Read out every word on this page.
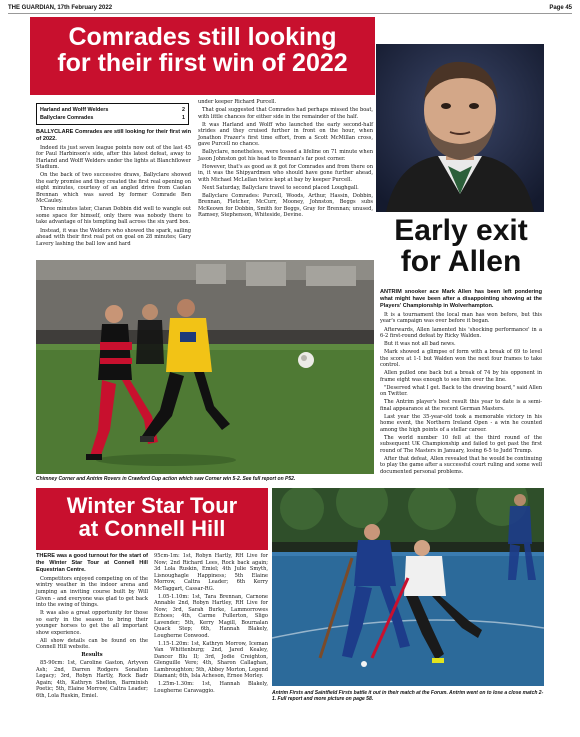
THE GUARDIAN, 17th February 2022	Page 45
Comrades still looking
for their first win of 2022
Harland and Wolff Welders	2
Ballyclare Comrades	1

BALLYCLARE Comrades are still looking for their first win of 2022.

Indeed its just seven league points now out of the last 45 for Paul Harbinson's side, after this latest defeat, away to Harland and Wolff Welders under the lights at Blanchflower Stadium.

On the back of two successive draws, Ballyclare showed the early promise and they created the first real opening on eight minutes, courtesy of an angled drive from Caolan Brennan which was saved by former Comrade Ben McCauley.

Three minutes later, Ciaran Dobbin did well to wangle out some space for himself, only there was nobody there to take advantage of his tempting ball across the six yard box.

Instead, it was the Welders who showed the spark, sailing ahead with their first real pot on goal on 28 minutes; Gary Lavery lashing the ball low and hard

under keeper Richard Purcell.

That goal suggested that Comrades had perhaps missed the boat, with little chances for either side in the remainder of the half.

It was Harland and Wolff who launched the early second-half strides and they cruised further in front on the hour, when Jonathon Frazer's first time effort, from a Scott McMillan cross, gave Purcell no chance.

Ballyclare, nonetheless, were tossed a lifeline on 71 minute when Jason Johnston got his head to Brennan's far post corner.

However, that's as good as it got for Comrades and from there on in, it was the Shipyardmen who should have gone further ahead, with Michael McLellan twice kept at bay by keeper Purcell.

Next Saturday, Ballyclare travel to second placed Loughgall.

Ballyclare Comrades: Purcell, Woods, Arthur, Hassin, Dobbin, Brennan, Fletcher, McCurr, Mooney, Johnston, Beggs subs McKeown for Dobbin, Smith for Beggs, Gray for Brennan; unused, Ramsey, Stephenson, Whiteside, Devine.	Early exit
for Allen

ANTRIM snooker ace Mark Allen has been left pondering what might have been after a disappointing showing at the Players' Championship in Wolverhampton.

It is a tournament the local man has won before, but this year's campaign was over before it began.

Afterwards, Allen lamented his 'shocking performance' in a 6-2 first-round defeat by Ricky Walden.

But it was not all bad news.

Mark showed a glimpse of form with a break of 69 to level the score at 1-1 but Walden won the next four frames to take control.

Allen pulled one back but a break of 74 by his opponent in frame eight was enough to see him over the line.

"Deserved what I get. Back to the drawing board," said Allen on Twitter.

The Antrim player's best result this year to date is a semi-final appearance at the recent German Masters.

Last year the 35-year-old took a memorable victory in his home event, the Northern Ireland Open - a win he counted among the high points of a stellar career.

The world number 10 fell at the third round of the subsequent UK Championship and failed to get past the first round of The Masters in January, losing 6-5 to Judd Trump.

After that defeat, Allen revealed that he would be continuing to play the game after a successful court ruling and some well documented personal problems.

Chimney Corner and Antrim Rovers in Crawford Cup action which saw Corner win 5-2. See full report on P52.
Winter Star Tour
at Connell Hill

THERE was a good turnout for the start of the Winter Star Tour at Connell Hill Equestrian Centre.

Competitors enjoyed competing on of the wintry weather in the indoor arena and jumping an inviting course built by Will Given – and everyone was glad to get back into the swing of things.

It was also a great opportunity for those so early in the season to bring their younger horses to get the all important show experience.

All show details can be found on the Connell Hill website.

Results

85-90cm: 1st, Caroline Gaston, Artyven Ash; 2nd, Darren Rodgers Sonalten Legacy; 3rd, Robyn Hartly, Rock Badr Again; 4th, Kathryn Shelton, Barminish Poetic; 5th, Elaine Morrow, Caltra Leader; 6th, Lola Ruskin, Emiel.

95cm-1m: 1st, Robyn Hartly, RH Live for Now; 2nd Richard Lees, Rock back again; 3d Lola Ruskin, Emiel; 4th Julie Smyth, Lisnoughagle Happiness; 5th Elaine Morrow, Caltra Leader; 6th Kerry McTaggart, Cassar-RG.

1.05-1.10m: 1st, Tara Brennan, Carnone Annable 2nd, Robyn Hartley, RH Live for Now; 3rd, Sarah Burke, Lammorrowes Echoes; 4th, Carme Fullerton, Sligo Lavender; 5th, Kerry Magill, Bournalan Quack Step; 6th, Hannah Blakely, Lougherne Conwood.

1.15-1.20m: 1st, Kathryn Morrow, Iceman Van Whittenburg; 2nd, Jared Kealey, Dancer Blu II; 3rd, Jodie Creighton, Glenguille Vere; 4th, Sharon Callaghan, Lambroughton; 5th, Abbey Morton, Legend Diamant; 6th, Isla Acheson, Ernee Morley.

1.25m-1.30m: 1st, Hannah Blakely, Lougherne Caravaggio.	Antrim Firsts and Saintfield Firsts battle it out in their match at the Forum. Antrim went on to lose a close match 2-1. Full report and more picture on page 58.
